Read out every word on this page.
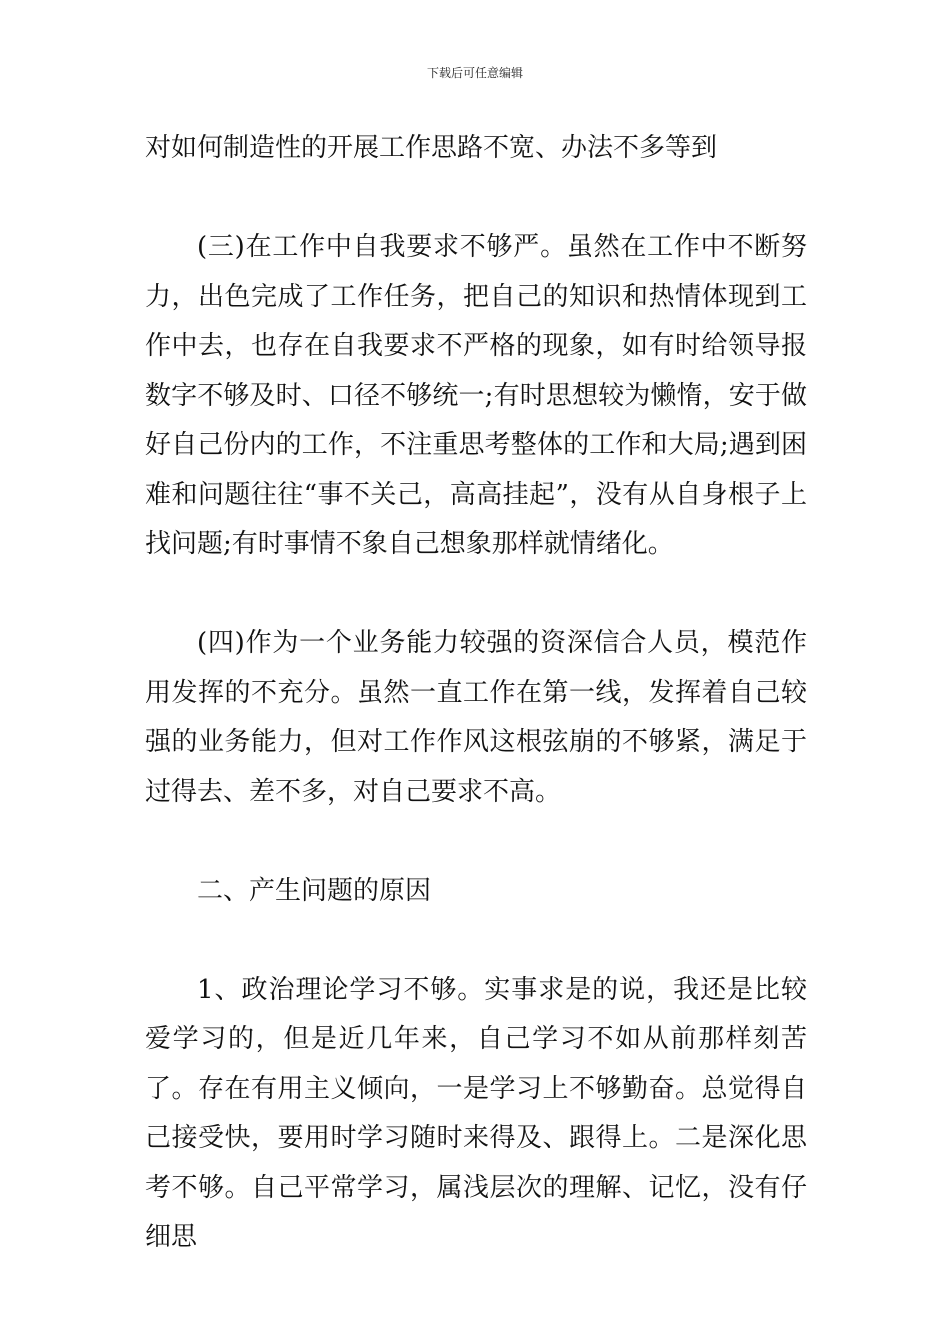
下载后可任意编辑

对如何制造性的开展工作思路不宽、办法不多等到

(三)在工作中自我要求不够严。虽然在工作中不断努力，出色完成了工作任务，把自己的知识和热情体现到工作中去，也存在自我要求不严格的现象，如有时给领导报数字不够及时、口径不够统一;有时思想较为懒惰，安于做好自己份内的工作，不注重思考整体的工作和大局;遇到困难和问题往往“事不关己，高高挂起”，没有从自身根子上找问题;有时事情不象自己想象那样就情绪化。

(四)作为一个业务能力较强的资深信合人员，模范作用发挥的不充分。虽然一直工作在第一线，发挥着自己较强的业务能力，但对工作作风这根弦崩的不够紧，满足于过得去、差不多，对自己要求不高。

二、产生问题的原因

1、政治理论学习不够。实事求是的说，我还是比较爱学习的，但是近几年来，自己学习不如从前那样刻苦了。存在有用主义倾向，一是学习上不够勤奋。总觉得自己接受快，要用时学习随时来得及、跟得上。二是深化思考不够。自己平常学习，属浅层次的理解、记忆，没有仔细思
